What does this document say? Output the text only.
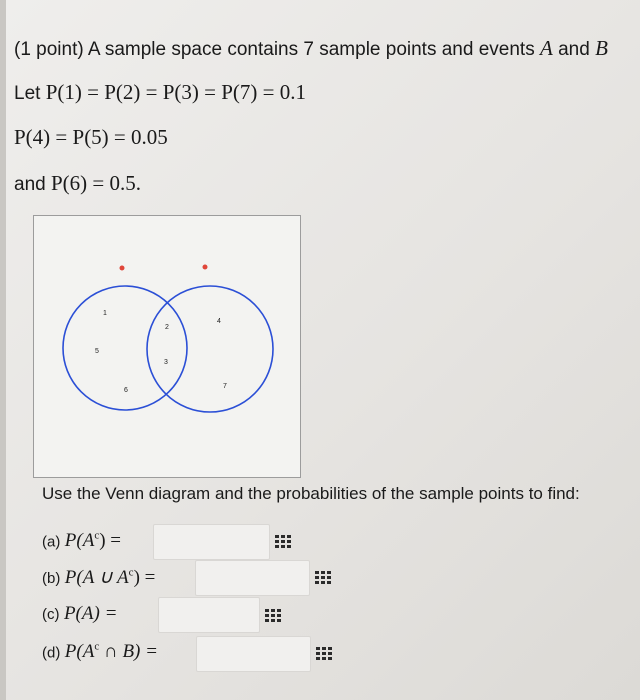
(1 point) A sample space contains 7 sample points and events A and B
Let P(1) = P(2) = P(3) = P(7) = 0.1
P(4) = P(5) = 0.05
and P(6) = 0.5.
1
2
3
4
5
6
7
Use the Venn diagram and the probabilities of the sample points to find:
(a) $P(A^c)$ =
(b) P(A ∪ $A^c$) =
(c) P(A) =
(d) $P(A^c$ ∩ B) =
